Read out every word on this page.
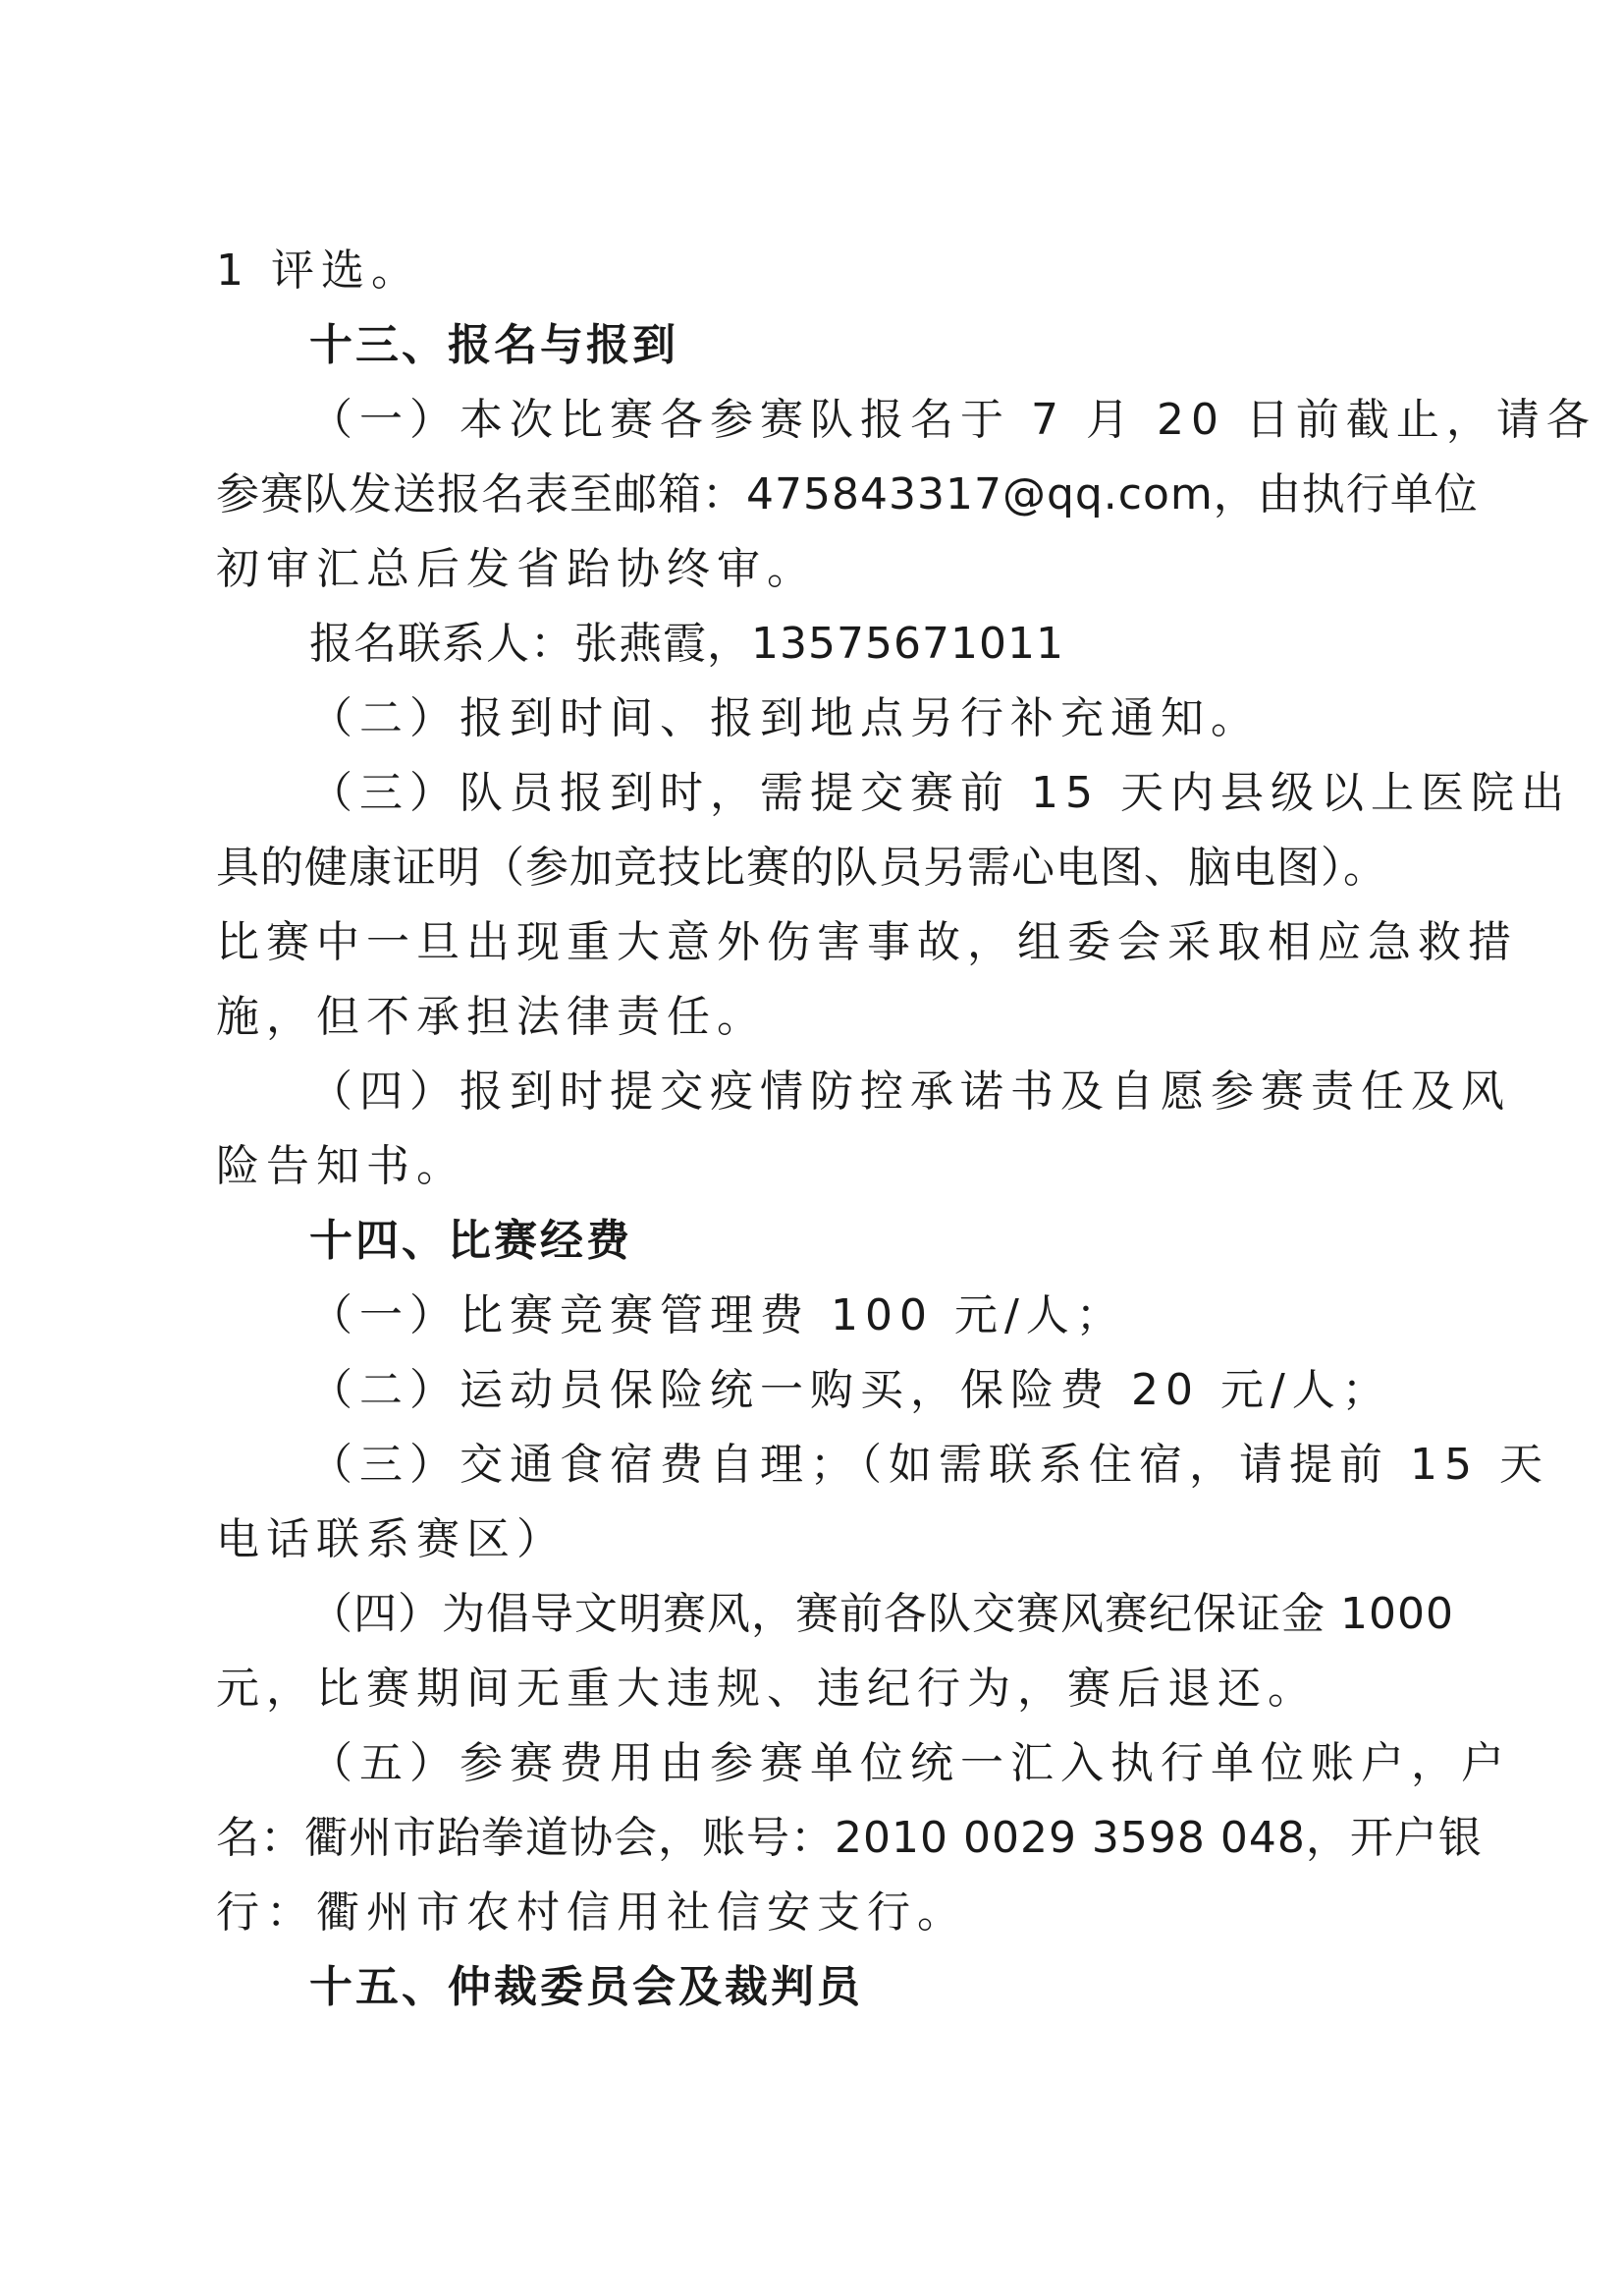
1 评选。
十三、报名与报到
（一）本次比赛各参赛队报名于 7 月 20 日前截止，请各
参赛队发送报名表至邮箱：475843317@qq.com，由执行单位
初审汇总后发省跆协终审。
报名联系人：张燕霞，13575671011
（二）报到时间、报到地点另行补充通知。
（三）队员报到时，需提交赛前 15 天内县级以上医院出
具的健康证明（参加竞技比赛的队员另需心电图、脑电图）。
比赛中一旦出现重大意外伤害事故，组委会采取相应急救措
施，但不承担法律责任。
（四）报到时提交疫情防控承诺书及自愿参赛责任及风
险告知书。
十四、比赛经费
（一）比赛竞赛管理费 100 元/人；
（二）运动员保险统一购买，保险费 20 元/人；
（三）交通食宿费自理；（如需联系住宿，请提前 15 天
电话联系赛区）
（四）为倡导文明赛风，赛前各队交赛风赛纪保证金 1000
元，比赛期间无重大违规、违纪行为，赛后退还。
（五）参赛费用由参赛单位统一汇入执行单位账户，户
名：衢州市跆拳道协会，账号：2010 0029 3598 048，开户银
行：衢州市农村信用社信安支行。
十五、仲裁委员会及裁判员
